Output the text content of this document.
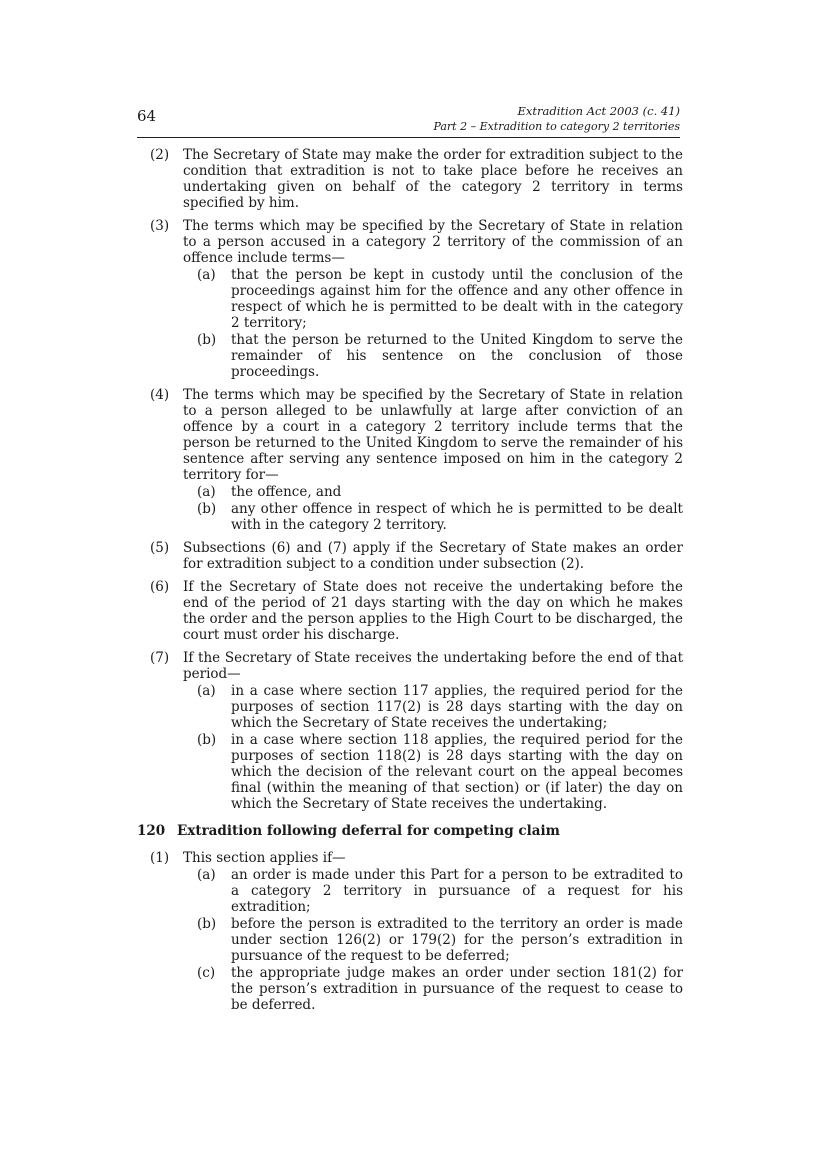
64	Extradition Act 2003 (c. 41)
Part 2 – Extradition to category 2 territories
(2)	The Secretary of State may make the order for extradition subject to the condition that extradition is not to take place before he receives an undertaking given on behalf of the category 2 territory in terms specified by him.
(3)	The terms which may be specified by the Secretary of State in relation to a person accused in a category 2 territory of the commission of an offence include terms—
(a)	that the person be kept in custody until the conclusion of the proceedings against him for the offence and any other offence in respect of which he is permitted to be dealt with in the category 2 territory;
(b)	that the person be returned to the United Kingdom to serve the remainder of his sentence on the conclusion of those proceedings.
(4)	The terms which may be specified by the Secretary of State in relation to a person alleged to be unlawfully at large after conviction of an offence by a court in a category 2 territory include terms that the person be returned to the United Kingdom to serve the remainder of his sentence after serving any sentence imposed on him in the category 2 territory for—
(a)	the offence, and
(b)	any other offence in respect of which he is permitted to be dealt with in the category 2 territory.
(5)	Subsections (6) and (7) apply if the Secretary of State makes an order for extradition subject to a condition under subsection (2).
(6)	If the Secretary of State does not receive the undertaking before the end of the period of 21 days starting with the day on which he makes the order and the person applies to the High Court to be discharged, the court must order his discharge.
(7)	If the Secretary of State receives the undertaking before the end of that period—
(a)	in a case where section 117 applies, the required period for the purposes of section 117(2) is 28 days starting with the day on which the Secretary of State receives the undertaking;
(b)	in a case where section 118 applies, the required period for the purposes of section 118(2) is 28 days starting with the day on which the decision of the relevant court on the appeal becomes final (within the meaning of that section) or (if later) the day on which the Secretary of State receives the undertaking.
120 Extradition following deferral for competing claim
(1)	This section applies if—
(a)	an order is made under this Part for a person to be extradited to a category 2 territory in pursuance of a request for his extradition;
(b)	before the person is extradited to the territory an order is made under section 126(2) or 179(2) for the person’s extradition in pursuance of the request to be deferred;
(c)	the appropriate judge makes an order under section 181(2) for the person’s extradition in pursuance of the request to cease to be deferred.
